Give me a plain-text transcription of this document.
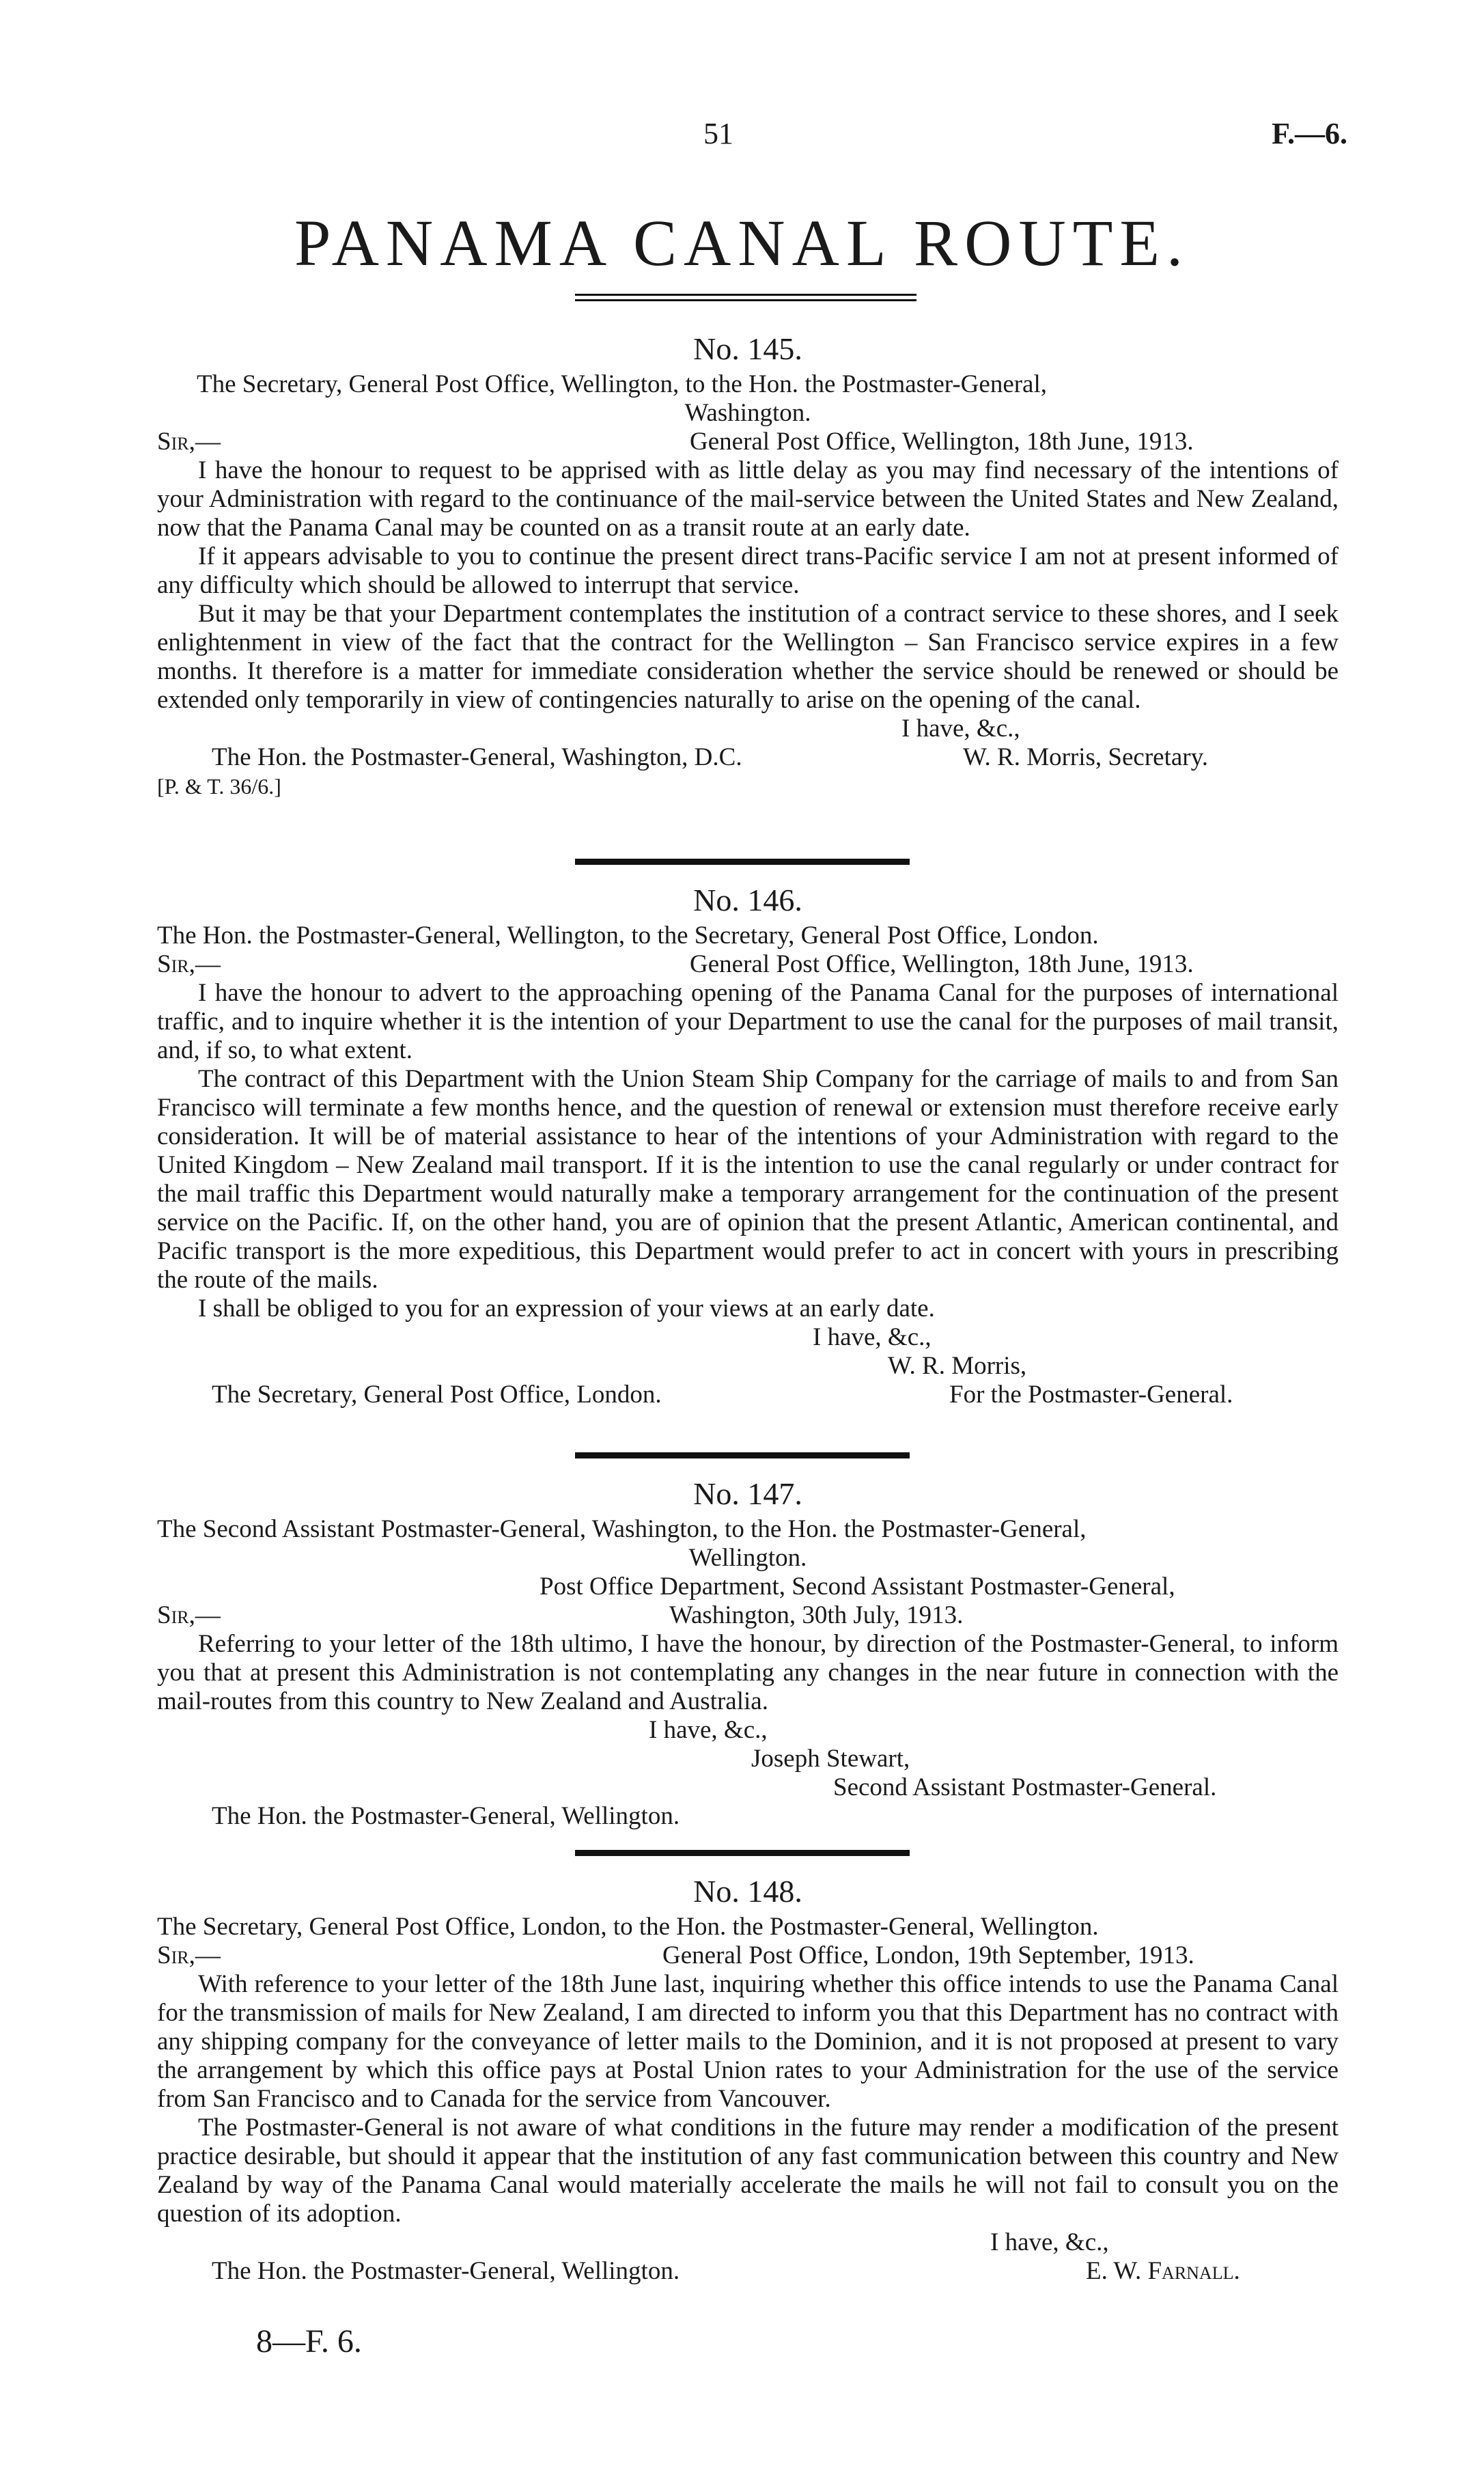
51	F.—6.
PANAMA CANAL ROUTE.
No. 145.
The Secretary, General Post Office, Wellington, to the Hon. the Postmaster-General,
Washington.
Sir,—	General Post Office, Wellington, 18th June, 1913.

I have the honour to request to be apprised with as little delay as you may find necessary of the intentions of your Administration with regard to the continuance of the mail-service between the United States and New Zealand, now that the Panama Canal may be counted on as a transit route at an early date.

If it appears advisable to you to continue the present direct trans-Pacific service I am not at present informed of any difficulty which should be allowed to interrupt that service.

But it may be that your Department contemplates the institution of a contract service to these shores, and I seek enlightenment in view of the fact that the contract for the Wellington – San Francisco service expires in a few months. It therefore is a matter for immediate consideration whether the service should be renewed or should be extended only temporarily in view of contingencies naturally to arise on the opening of the canal.

I have, &c.,
The Hon. the Postmaster-General, Washington, D.C.	W. R. Morris, Secretary.
[P. & T. 36/6.]
No. 146.
The Hon. the Postmaster-General, Wellington, to the Secretary, General Post Office, London.
Sir,—	General Post Office, Wellington, 18th June, 1913.

I have the honour to advert to the approaching opening of the Panama Canal for the purposes of international traffic, and to inquire whether it is the intention of your Department to use the canal for the purposes of mail transit, and, if so, to what extent.

The contract of this Department with the Union Steam Ship Company for the carriage of mails to and from San Francisco will terminate a few months hence, and the question of renewal or extension must therefore receive early consideration. It will be of material assistance to hear of the intentions of your Administration with regard to the United Kingdom – New Zealand mail transport. If it is the intention to use the canal regularly or under contract for the mail traffic this Department would naturally make a temporary arrangement for the continuation of the present service on the Pacific. If, on the other hand, you are of opinion that the present Atlantic, American continental, and Pacific transport is the more expeditious, this Department would prefer to act in concert with yours in prescribing the route of the mails.

I shall be obliged to you for an expression of your views at an early date.

I have, &c.,
W. R. Morris,
The Secretary, General Post Office, London.	For the Postmaster-General.
No. 147.
The Second Assistant Postmaster-General, Washington, to the Hon. the Postmaster-General,
Wellington.
Post Office Department, Second Assistant Postmaster-General,
Sir,—	Washington, 30th July, 1913.

Referring to your letter of the 18th ultimo, I have the honour, by direction of the Postmaster-General, to inform you that at present this Administration is not contemplating any changes in the near future in connection with the mail-routes from this country to New Zealand and Australia.

I have, &c.,
Joseph Stewart,
Second Assistant Postmaster-General.
The Hon. the Postmaster-General, Wellington.
No. 148.
The Secretary, General Post Office, London, to the Hon. the Postmaster-General, Wellington.
Sir,—	General Post Office, London, 19th September, 1913.

With reference to your letter of the 18th June last, inquiring whether this office intends to use the Panama Canal for the transmission of mails for New Zealand, I am directed to inform you that this Department has no contract with any shipping company for the conveyance of letter mails to the Dominion, and it is not proposed at present to vary the arrangement by which this office pays at Postal Union rates to your Administration for the use of the service from San Francisco and to Canada for the service from Vancouver.

The Postmaster-General is not aware of what conditions in the future may render a modification of the present practice desirable, but should it appear that the institution of any fast communication between this country and New Zealand by way of the Panama Canal would materially accelerate the mails he will not fail to consult you on the question of its adoption.

I have, &c.,
The Hon. the Postmaster-General, Wellington.	E. W. Farnall.
8—F. 6.
